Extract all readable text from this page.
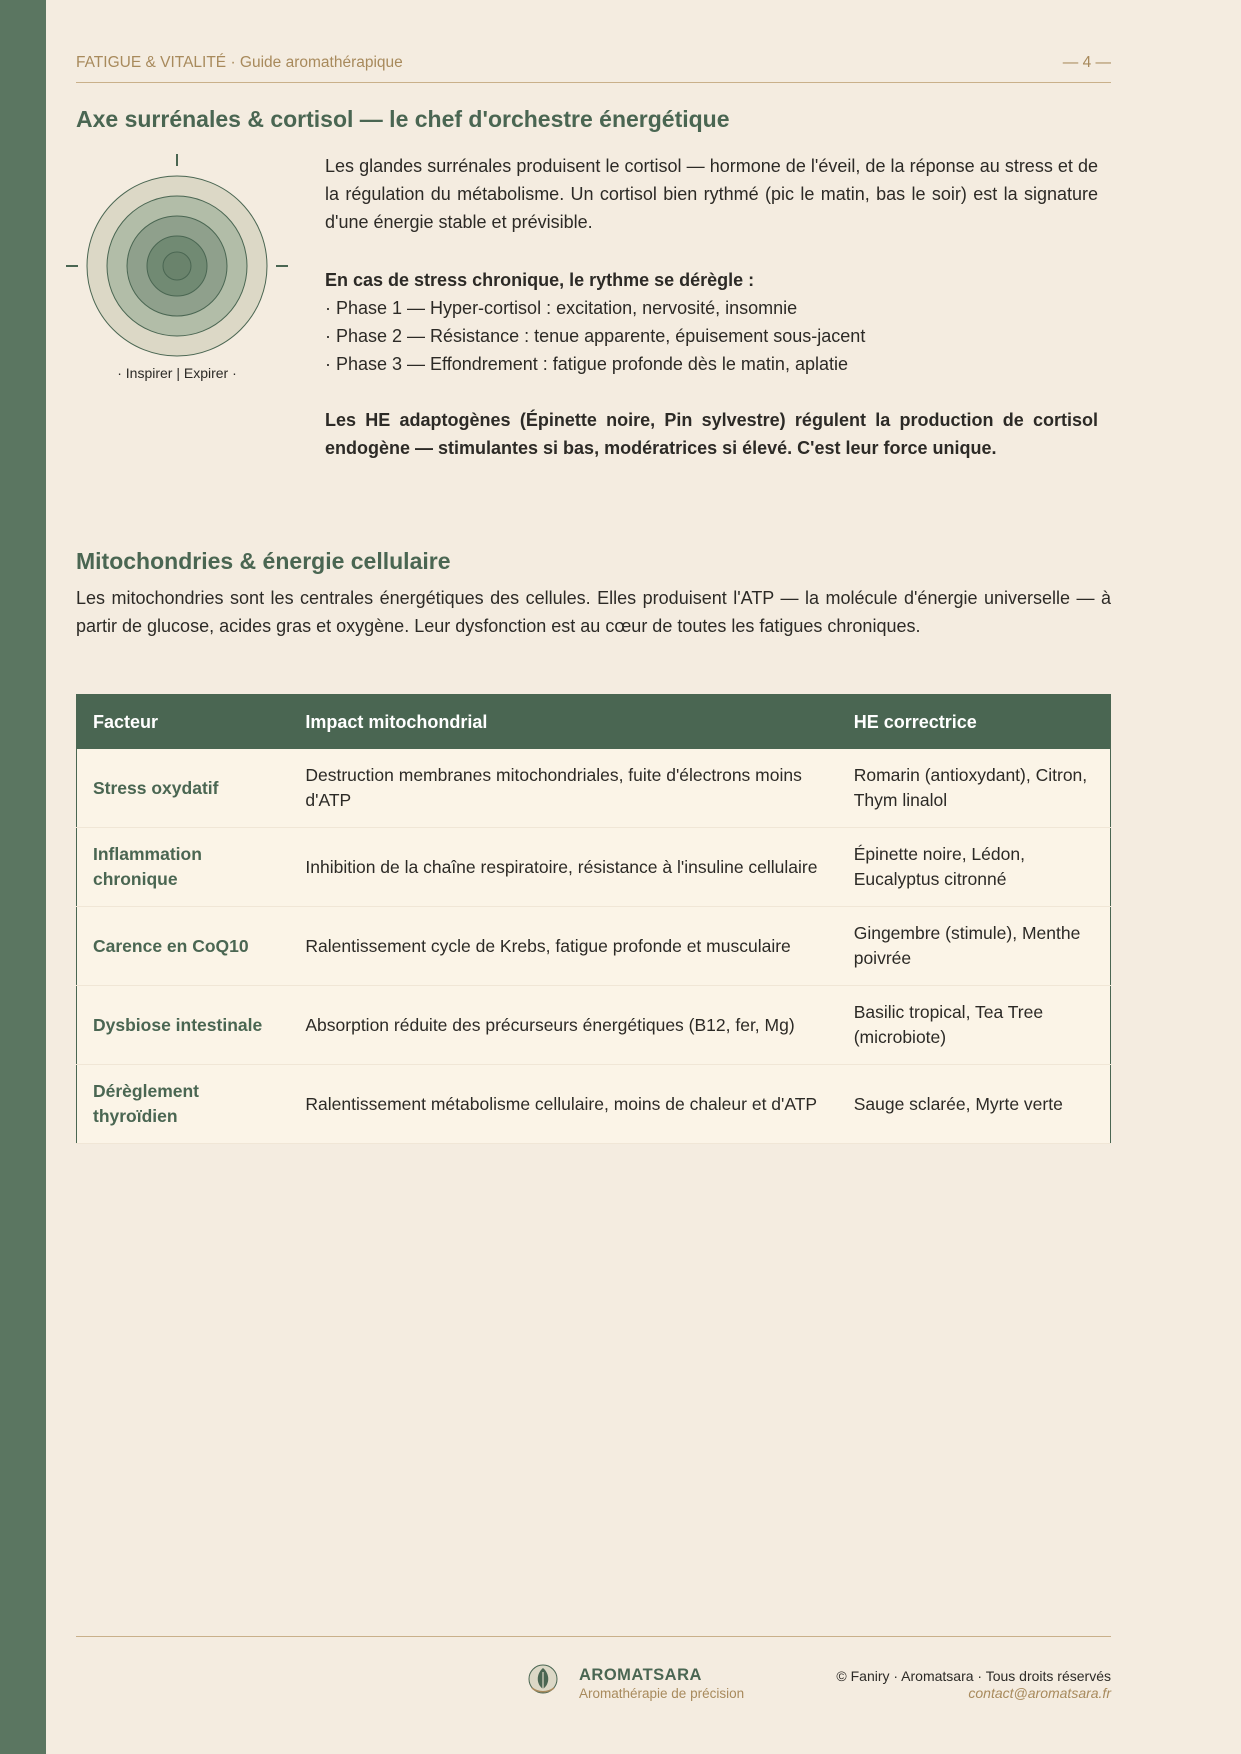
FATIGUE & VITALITÉ · Guide aromathérapique	— 4 —
Axe surrénales & cortisol — le chef d'orchestre énergétique
· Inspirer | Expirer ·
Les glandes surrénales produisent le cortisol — hormone de l'éveil, de la réponse au stress et de la régulation du métabolisme. Un cortisol bien rythmé (pic le matin, bas le soir) est la signature d'une énergie stable et prévisible.
En cas de stress chronique, le rythme se dérègle :
· Phase 1 — Hyper-cortisol : excitation, nervosité, insomnie
· Phase 2 — Résistance : tenue apparente, épuisement sous-jacent
· Phase 3 — Effondrement : fatigue profonde dès le matin, aplatie
Les HE adaptogènes (Épinette noire, Pin sylvestre) régulent la production de cortisol endogène — stimulantes si bas, modératrices si élevé. C'est leur force unique.
Mitochondries & énergie cellulaire
Les mitochondries sont les centrales énergétiques des cellules. Elles produisent l'ATP — la molécule d'énergie universelle — à partir de glucose, acides gras et oxygène. Leur dysfonction est au cœur de toutes les fatigues chroniques.
Facteur	Impact mitochondrial	HE correctrice
Stress oxydatif	Destruction membranes mitochondriales, fuite d'électrons moins d'ATP	Romarin (antioxydant), Citron, Thym linalol
Inflammation chronique	Inhibition de la chaîne respiratoire, résistance à l'insuline cellulaire	Épinette noire, Lédon, Eucalyptus citronné
Carence en CoQ10	Ralentissement cycle de Krebs, fatigue profonde et musculaire	Gingembre (stimule), Menthe poivrée
Dysbiose intestinale	Absorption réduite des précurseurs énergétiques (B12, fer, Mg)	Basilic tropical, Tea Tree (microbiote)
Dérèglement thyroïdien	Ralentissement métabolisme cellulaire, moins de chaleur et d'ATP	Sauge sclarée, Myrte verte
AROMATSARA
Aromathérapie de précision
© Faniry · Aromatsara · Tous droits réservés
contact@aromatsara.fr
